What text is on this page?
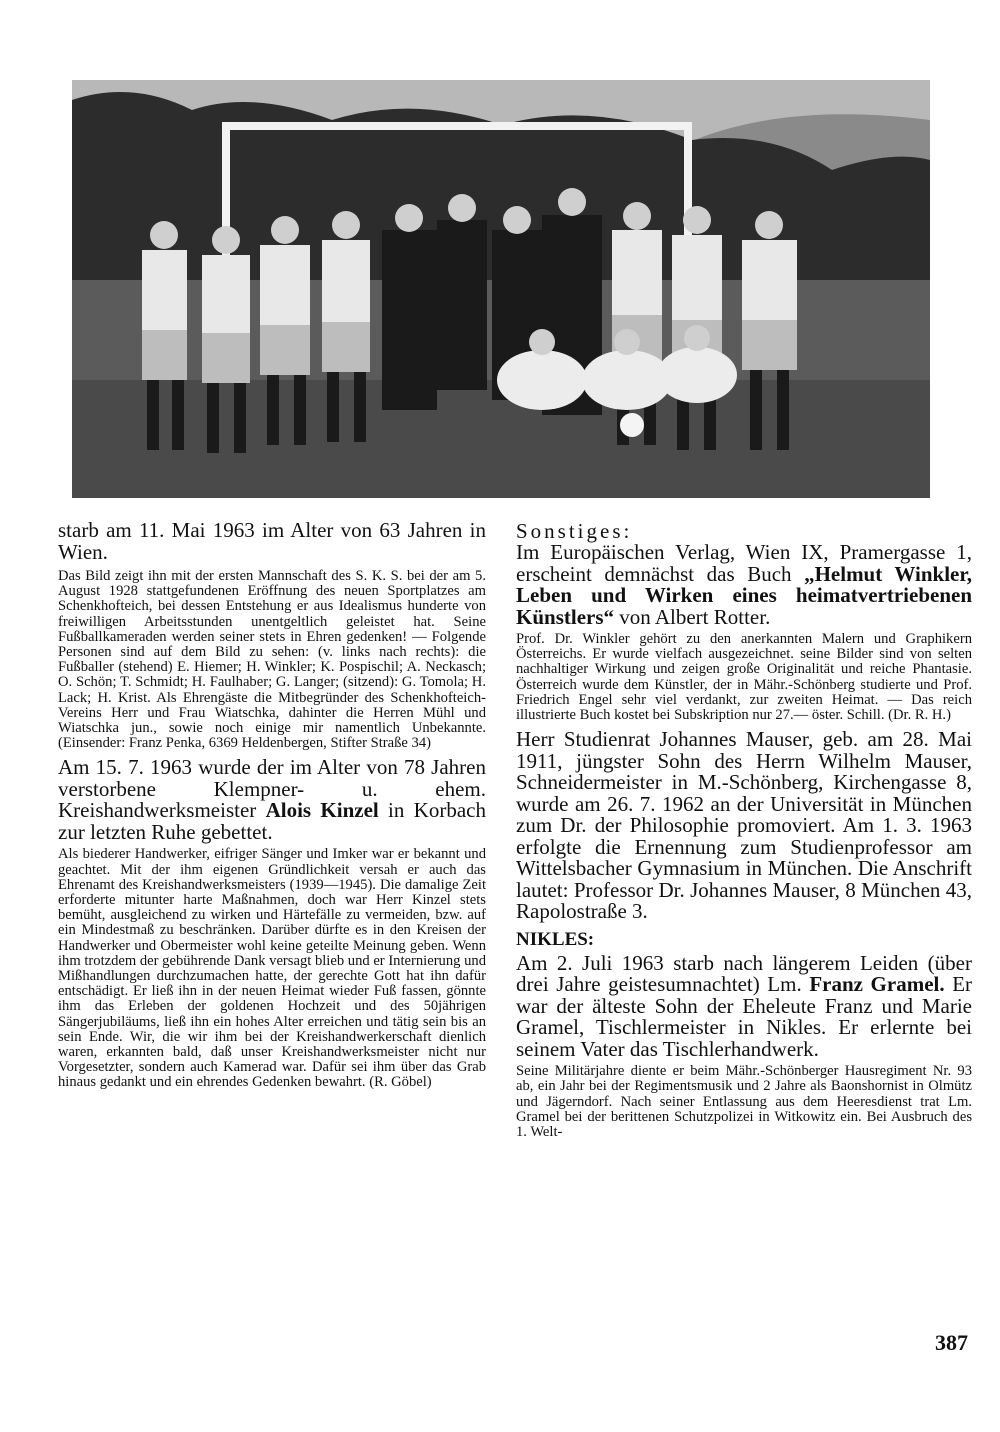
starb am 11. Mai 1963 im Alter von 63 Jahren in Wien.

Das Bild zeigt ihn mit der ersten Mannschaft des S. K. S. bei der am 5. August 1928 stattgefundenen Eröffnung des neuen Sportplatzes am Schenkhofteich, bei dessen Entstehung er aus Idealismus hunderte von freiwilligen Arbeitsstunden unentgeltlich geleistet hat. Seine Fußballkameraden werden seiner stets in Ehren gedenken! — Folgende Personen sind auf dem Bild zu sehen: (v. links nach rechts): die Fußballer (stehend) E. Hiemer; H. Winkler; K. Pospischil; A. Neckasch; O. Schön; T. Schmidt; H. Faulhaber; G. Langer; (sitzend): G. Tomola; H. Lack; H. Krist. Als Ehrengäste die Mitbegründer des Schenkhofteich-Vereins Herr und Frau Wiatschka, dahinter die Herren Mühl und Wiatschka jun., sowie noch einige mir namentlich Unbekannte. (Einsender: Franz Penka, 6369 Heldenbergen, Stifter Straße 34)

Am 15. 7. 1963 wurde der im Alter von 78 Jahren verstorbene Klempner- u. ehem. Kreishandwerksmeister Alois Kinzel in Korbach zur letzten Ruhe gebettet.

Als biederer Handwerker, eifriger Sänger und Imker war er bekannt und geachtet. Mit der ihm eigenen Gründlichkeit versah er auch das Ehrenamt des Kreishandwerksmeisters (1939—1945). Die damalige Zeit erforderte mitunter harte Maßnahmen, doch war Herr Kinzel stets bemüht, ausgleichend zu wirken und Härtefälle zu vermeiden, bzw. auf ein Mindestmaß zu beschränken. Darüber dürfte es in den Kreisen der Handwerker und Obermeister wohl keine geteilte Meinung geben. Wenn ihm trotzdem der gebührende Dank versagt blieb und er Internierung und Mißhandlungen durchzumachen hatte, der gerechte Gott hat ihn dafür entschädigt. Er ließ ihn in der neuen Heimat wieder Fuß fassen, gönnte ihm das Erleben der goldenen Hochzeit und des 50jährigen Sängerjubiläums, ließ ihn ein hohes Alter erreichen und tätig sein bis an sein Ende. Wir, die wir ihm bei der Kreishandwerkerschaft dienlich waren, erkannten bald, daß unser Kreishandwerksmeister nicht nur Vorgesetzter, sondern auch Kamerad war. Dafür sei ihm über das Grab hinaus gedankt und ein ehrendes Gedenken bewahrt. (R. Göbel)

Sonstiges:

Im Europäischen Verlag, Wien IX, Pramergasse 1, erscheint demnächst das Buch „Helmut Winkler, Leben und Wirken eines heimatvertriebenen Künstlers“ von Albert Rotter.

Prof. Dr. Winkler gehört zu den anerkannten Malern und Graphikern Österreichs. Er wurde vielfach ausgezeichnet. seine Bilder sind von selten nachhaltiger Wirkung und zeigen große Originalität und reiche Phantasie. Österreich wurde dem Künstler, der in Mähr.-Schönberg studierte und Prof. Friedrich Engel sehr viel verdankt, zur zweiten Heimat. — Das reich illustrierte Buch kostet bei Subskription nur 27.— öster. Schill. (Dr. R. H.)

Herr Studienrat Johannes Mauser, geb. am 28. Mai 1911, jüngster Sohn des Herrn Wilhelm Mauser, Schneidermeister in M.-Schönberg, Kirchengasse 8, wurde am 26. 7. 1962 an der Universität in München zum Dr. der Philosophie promoviert. Am 1. 3. 1963 erfolgte die Ernennung zum Studienprofessor am Wittelsbacher Gymnasium in München. Die Anschrift lautet: Professor Dr. Johannes Mauser, 8 München 43, Rapolostraße 3.

NIKLES:

Am 2. Juli 1963 starb nach längerem Leiden (über drei Jahre geistesumnachtet) Lm. Franz Gramel. Er war der älteste Sohn der Eheleute Franz und Marie Gramel, Tischlermeister in Nikles. Er erlernte bei seinem Vater das Tischlerhandwerk.

Seine Militärjahre diente er beim Mähr.-Schönberger Hausregiment Nr. 93 ab, ein Jahr bei der Regimentsmusik und 2 Jahre als Baonshornist in Olmütz und Jägerndorf. Nach seiner Entlassung aus dem Heeresdienst trat Lm. Gramel bei der berittenen Schutzpolizei in Witkowitz ein. Bei Ausbruch des 1. Welt-

387
